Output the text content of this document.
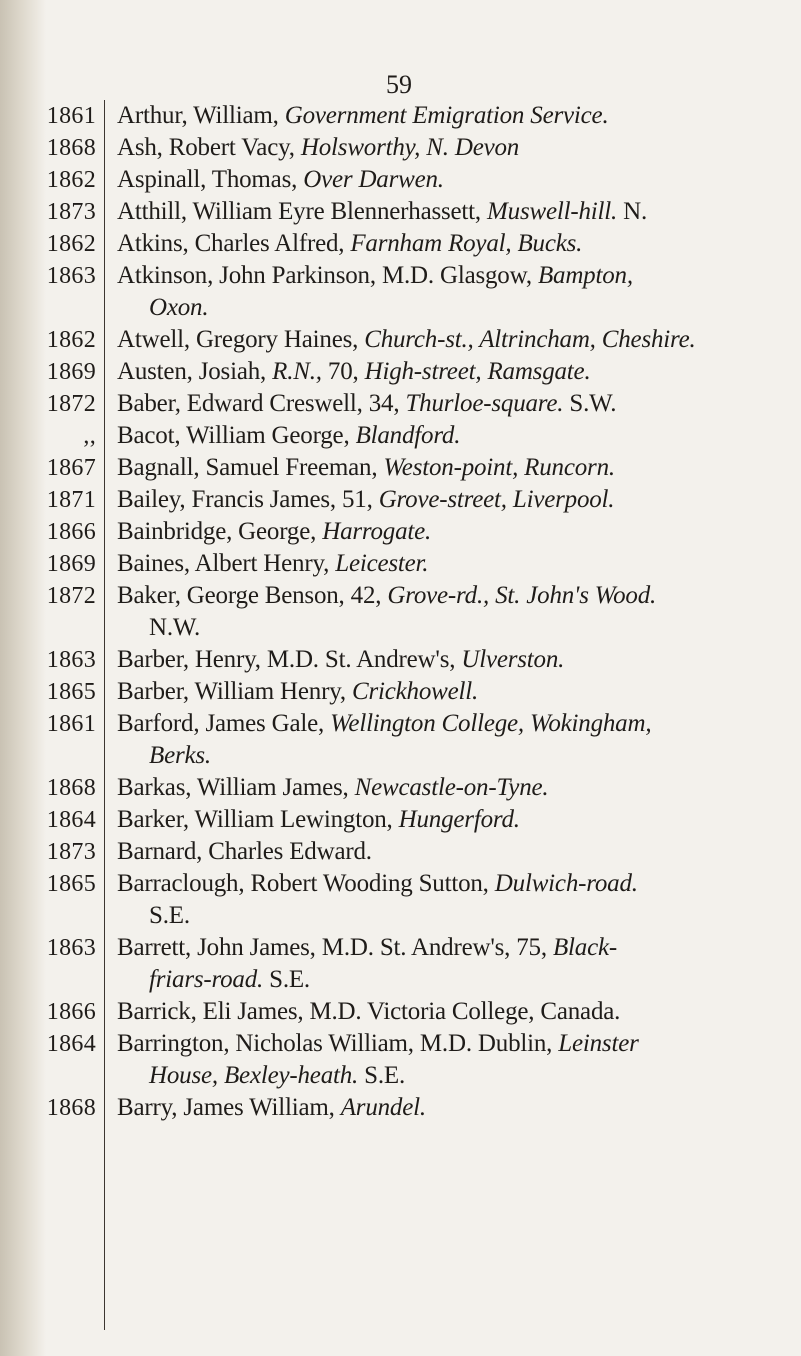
59
1861
1868
1862
1873
1862
1863
1862
1869
1872
,,
1867
1871
1866
1869
1872
1863
1865
1861
1868
1864
1873
1865
1863
1866
1864
1868
Arthur, William, Government Emigration Service.
Ash, Robert Vacy, Holsworthy, N. Devon
Aspinall, Thomas, Over Darwen.
Atthill, William Eyre Blennerhassett, Muswell-hill. N.
Atkins, Charles Alfred, Farnham Royal, Bucks.
Atkinson, John Parkinson, M.D. Glasgow, Bampton,
Oxon.
Atwell, Gregory Haines, Church-st., Altrincham, Cheshire.
Austen, Josiah, R.N., 70, High-street, Ramsgate.
Baber, Edward Creswell, 34, Thurloe-square. S.W.
Bacot, William George, Blandford.
Bagnall, Samuel Freeman, Weston-point, Runcorn.
Bailey, Francis James, 51, Grove-street, Liverpool.
Bainbridge, George, Harrogate.
Baines, Albert Henry, Leicester.
Baker, George Benson, 42, Grove-rd., St. John's Wood.
N.W.
Barber, Henry, M.D. St. Andrew's, Ulverston.
Barber, William Henry, Crickhowell.
Barford, James Gale, Wellington College, Wokingham,
Berks.
Barkas, William James, Newcastle-on-Tyne.
Barker, William Lewington, Hungerford.
Barnard, Charles Edward.
Barraclough, Robert Wooding Sutton, Dulwich-road.
S.E.
Barrett, John James, M.D. St. Andrew's, 75, Black-
friars-road. S.E.
Barrick, Eli James, M.D. Victoria College, Canada.
Barrington, Nicholas William, M.D. Dublin, Leinster
House, Bexley-heath. S.E.
Barry, James William, Arundel.
